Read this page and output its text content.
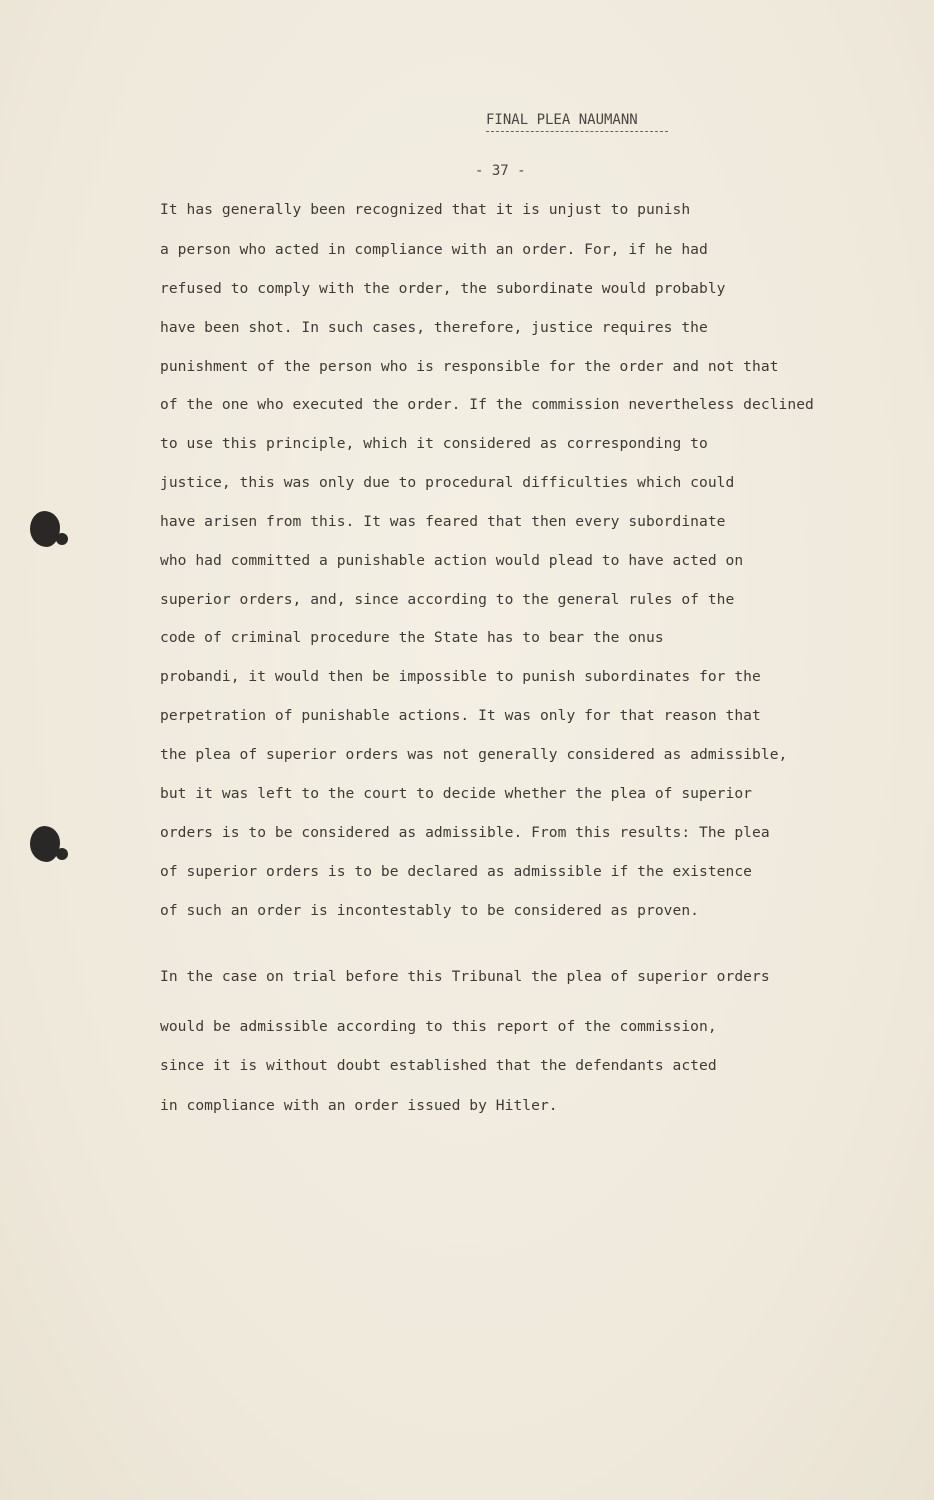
FINAL PLEA NAUMANN
- 37 -
It has generally been recognized that it is unjust to punish
a person who acted in compliance with an order. For, if he had
refused to comply with the order, the subordinate would probably
have been shot. In such cases, therefore, justice requires the
punishment of the person who is responsible for the order and not that
of the one who executed the order. If the commission nevertheless declined
to use this principle, which it considered as corresponding to
justice, this was only due to procedural difficulties which could
have arisen from this. It was feared that then every subordinate
who had committed a punishable action would plead to have acted on
superior orders, and, since according to the general rules of the
code of criminal procedure the State has to bear the onus
probandi, it would then be impossible to punish subordinates for the
perpetration of punishable actions. It was only for that reason that
the plea of superior orders was not generally considered as admissible,
but it was left to the court to decide whether the plea of superior
orders is to be considered as admissible. From this results: The plea
of superior orders is to be declared as admissible if the existence
of such an order is incontestably to be considered as proven.
In the case on trial before this Tribunal the plea of superior orders
would be admissible according to this report of the commission,
since it is without doubt established that the defendants acted
in compliance with an order issued by Hitler.
